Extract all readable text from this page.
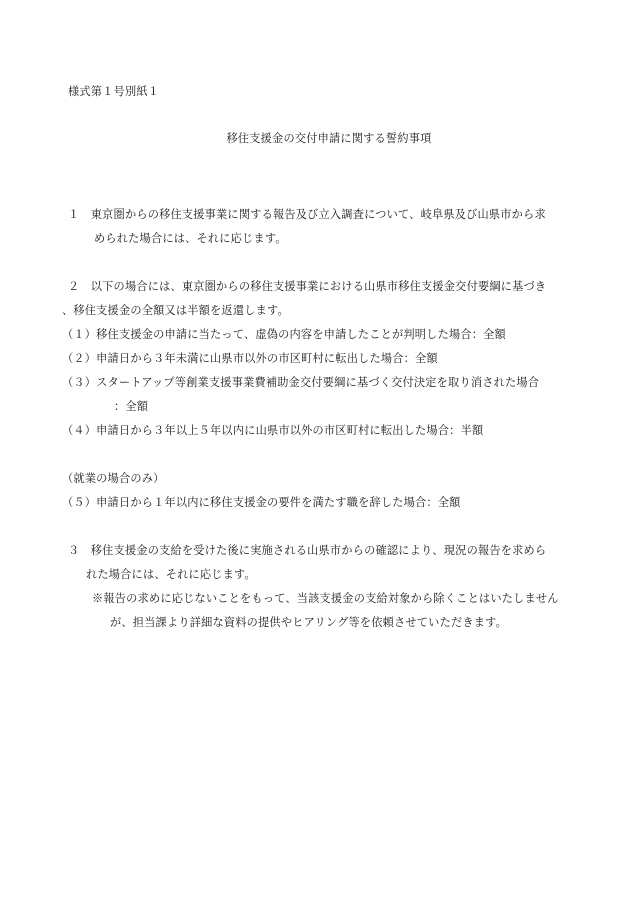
様式第１号別紙１
移住支援金の交付申請に関する誓約事項
１　東京圏からの移住支援事業に関する報告及び立入調査について、岐阜県及び山県市から求
められた場合には、それに応じます。
２　以下の場合には、東京圏からの移住支援事業における山県市移住支援金交付要綱に基づき
、移住支援金の全額又は半額を返還します。
（１）移住支援金の申請に当たって、虚偽の内容を申請したことが判明した場合：全額
（２）申請日から３年未満に山県市以外の市区町村に転出した場合：全額
（３）スタートアップ等創業支援事業費補助金交付要綱に基づく交付決定を取り消された場合
：全額
（４）申請日から３年以上５年以内に山県市以外の市区町村に転出した場合：半額
（就業の場合のみ）
（５）申請日から１年以内に移住支援金の要件を満たす職を辞した場合：全額
３　移住支援金の支給を受けた後に実施される山県市からの確認により、現況の報告を求めら
れた場合には、それに応じます。
※報告の求めに応じないことをもって、当該支援金の支給対象から除くことはいたしません
が、担当課より詳細な資料の提供やヒアリング等を依頼させていただきます。
